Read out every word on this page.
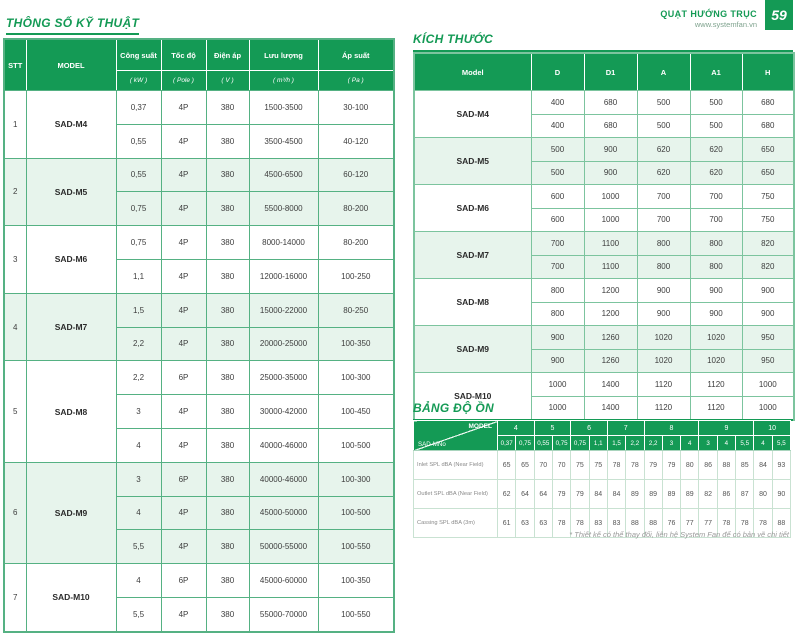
QUẠT HƯỚNG TRỤC
www.systemfan.vn
59
THÔNG SỐ KỸ THUẬT
STT	MODEL	Công suất	Tốc độ	Điện áp	Lưu lượng	Áp suất
		( kW )	( Pole )	( V )	( m³/h )	( Pa )
1	SAD-M4	0,37	4P	380	1500-3500	30-100
		0,55	4P	380	3500-4500	40-120
2	SAD-M5	0,55	4P	380	4500-6500	60-120
		0,75	4P	380	5500-8000	80-200
3	SAD-M6	0,75	4P	380	8000-14000	80-200
		1,1	4P	380	12000-16000	100-250
4	SAD-M7	1,5	4P	380	15000-22000	80-250
		2,2	4P	380	20000-25000	100-350
5	SAD-M8	2,2	6P	380	25000-35000	100-300
		3	4P	380	30000-42000	100-450
		4	4P	380	40000-46000	100-500
6	SAD-M9	3	6P	380	40000-46000	100-300
		4	4P	380	45000-50000	100-500
		5,5	4P	380	50000-55000	100-550
7	SAD-M10	4	6P	380	45000-60000	100-350
		5,5	4P	380	55000-70000	100-550
KÍCH THƯỚC
Model	D	D1	A	A1	H
SAD-M4	400	680	500	500	680
	400	680	500	500	680
SAD-M5	500	900	620	620	650
	500	900	620	620	650
SAD-M6	600	1000	700	700	750
	600	1000	700	700	750
SAD-M7	700	1100	800	800	820
	700	1100	800	800	820
SAD-M8	800	1200	900	900	900
	800	1200	900	900	900
SAD-M9	900	1260	1020	1020	950
	900	1260	1020	1020	950
SAD-M10	1000	1400	1120	1120	1000
	1000	1400	1120	1120	1000
BẢNG ĐỘ ỒN
MODEL
SAD-MNo	4		5		6		7		8			9			10	
	0,37	0,75	0,55	0,75	0,75	1,1	1,5	2,2	2,2	3	4	3	4	5,5	4	5,5
Inlet SPL dBA (Near Field)	65	65	70	70	75	75	78	78	79	79	80	86	88	85	84	93
Outlet SPL dBA (Near Field)	62	64	64	79	79	84	84	89	89	89	89	82	86	87	80	90
Cassing SPL dBA (3m)	61	63	63	78	78	83	83	88	88	76	77	77	78	78	78	88
* Thiết kế có thể thay đổi, liên hệ System Fan để có bản vẽ chi tiết
